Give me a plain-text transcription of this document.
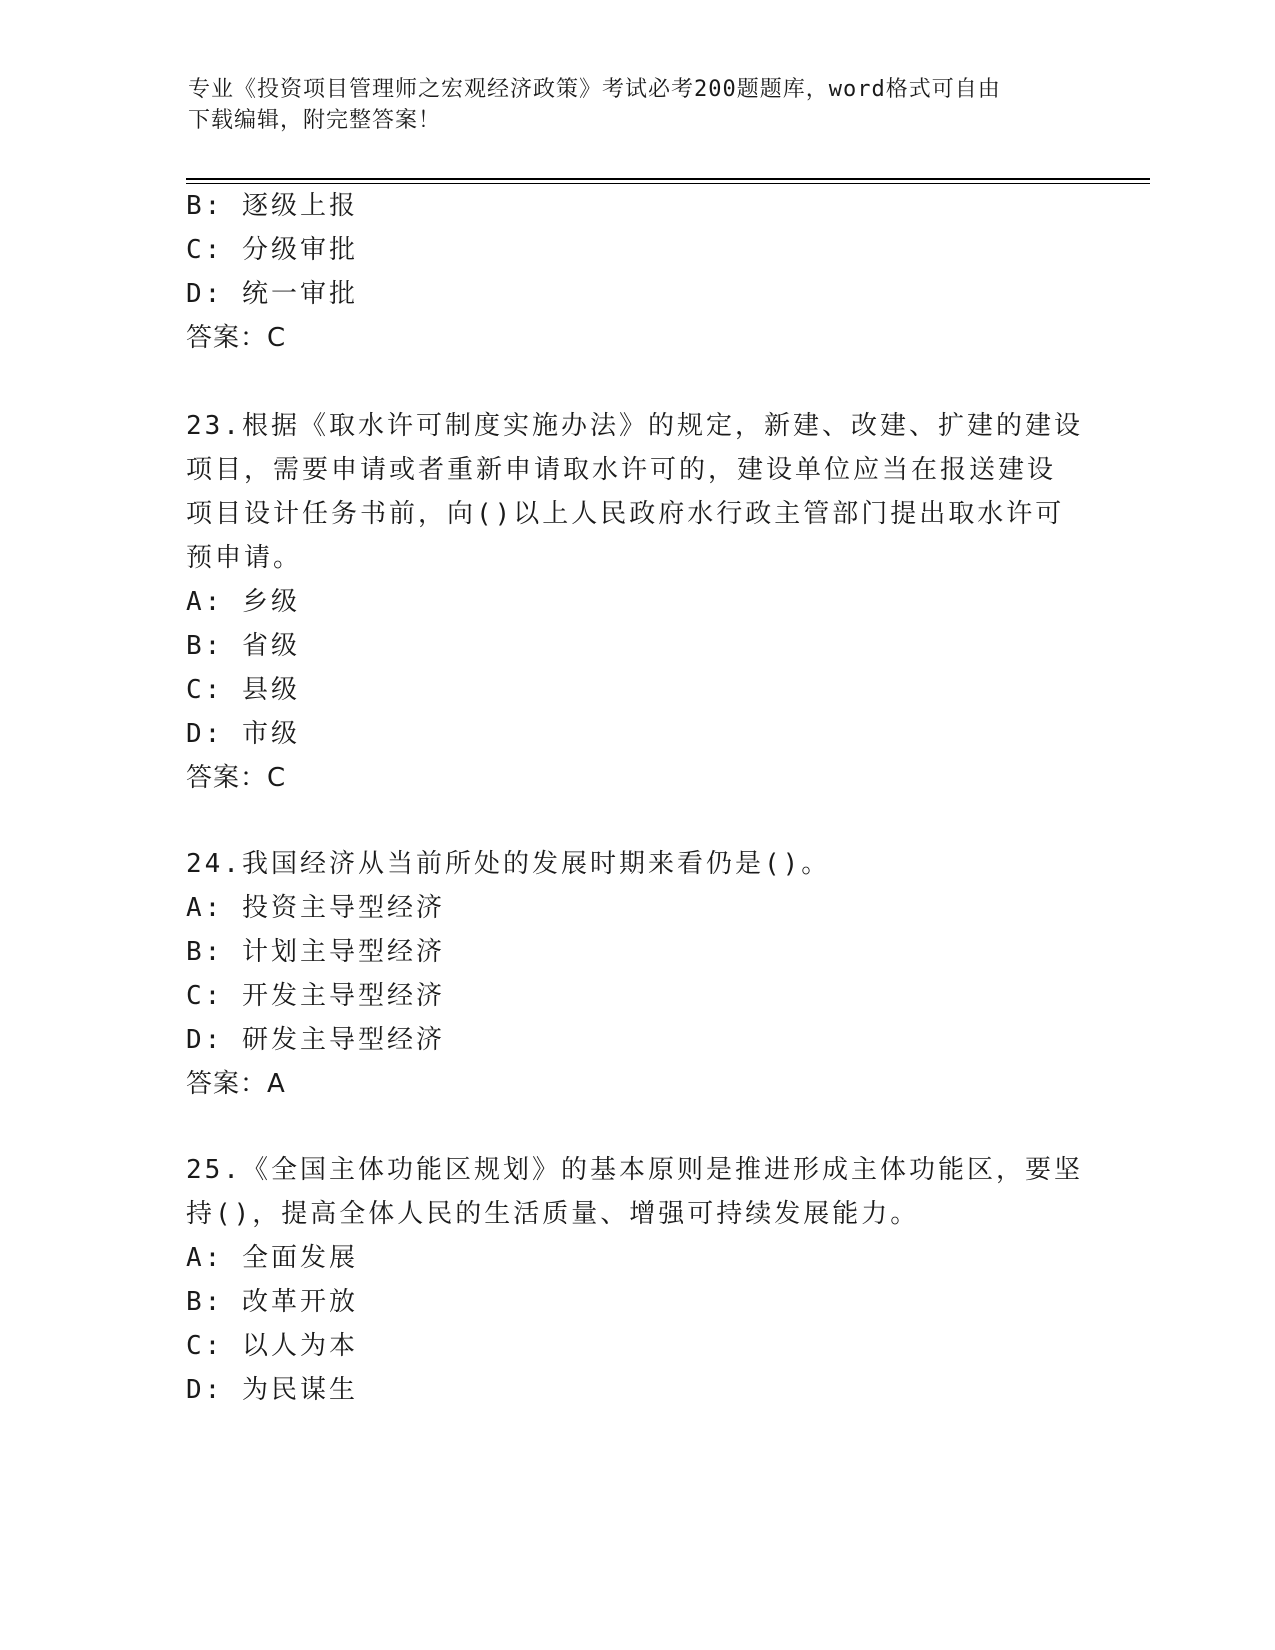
专业《投资项目管理师之宏观经济政策》考试必考200题题库，word格式可自由
下载编辑，附完整答案！
B: 逐级上报
C: 分级审批
D: 统一审批
答案：C
23.根据《取水许可制度实施办法》的规定，新建、改建、扩建的建设
项目，需要申请或者重新申请取水许可的，建设单位应当在报送建设
项目设计任务书前，向()以上人民政府水行政主管部门提出取水许可
预申请。
A: 乡级
B: 省级
C: 县级
D: 市级
答案：C
24.我国经济从当前所处的发展时期来看仍是()。
A: 投资主导型经济
B: 计划主导型经济
C: 开发主导型经济
D: 研发主导型经济
答案：A
25.《全国主体功能区规划》的基本原则是推进形成主体功能区，要坚
持()，提高全体人民的生活质量、增强可持续发展能力。
A: 全面发展
B: 改革开放
C: 以人为本
D: 为民谋生
